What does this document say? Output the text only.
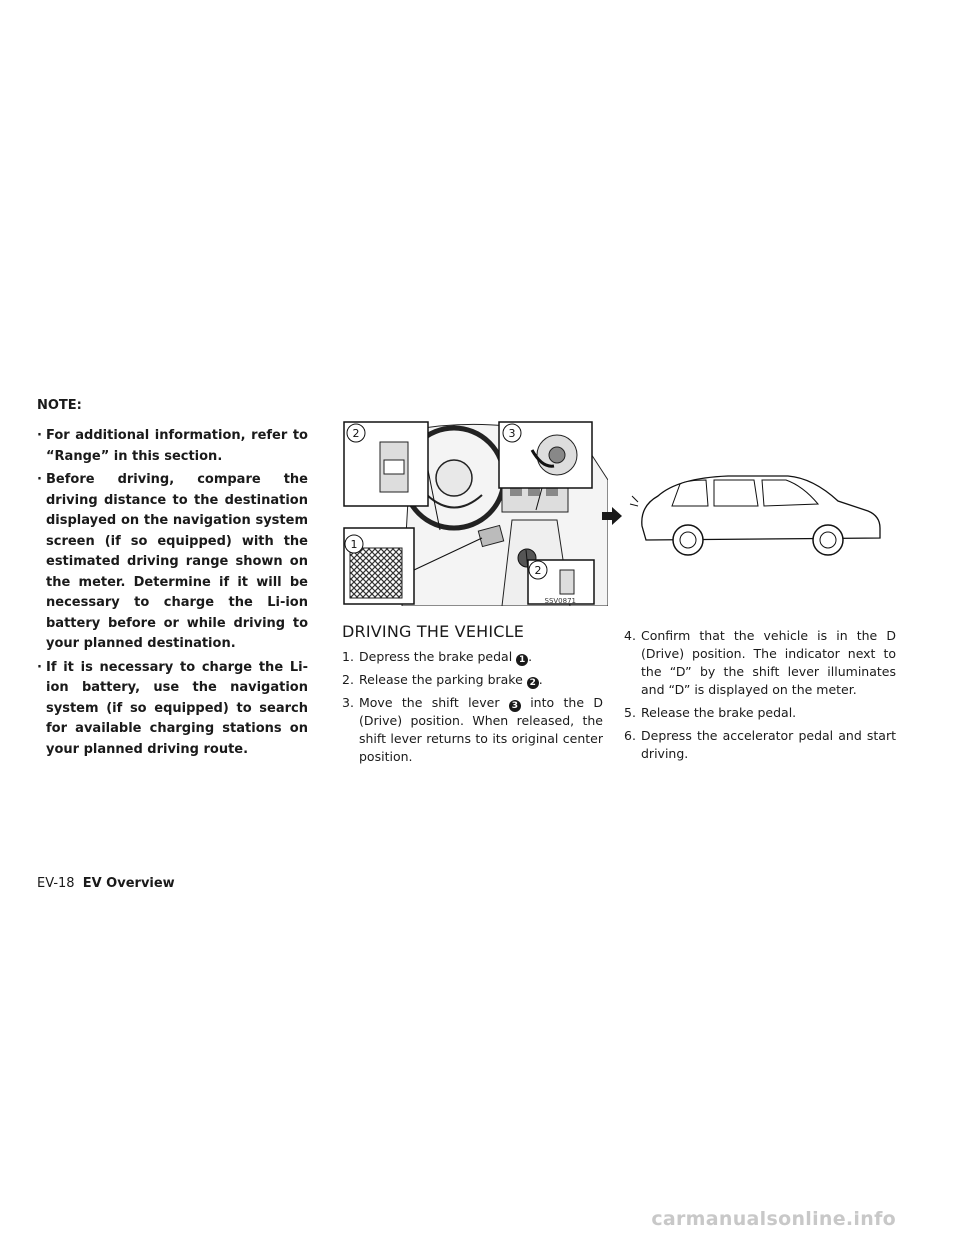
NOTE:

· For additional information, refer to “Range” in this section.
· Before driving, compare the driving distance to the destination displayed on the navigation system screen (if so equipped) with the estimated driving range shown on the meter. Determine if it will be necessary to charge the Li-ion battery before or while driving to your planned destination.
· If it is necessary to charge the Li-ion battery, use the navigation system (if so equipped) to search for available charging stations on your planned driving route.
2	3
1
2
SSV0871
DRIVING THE VEHICLE
1. Depress the brake pedal 1 .
2. Release the parking brake 2 .
3. Move the shift lever 3 into the D (Drive) position. When released, the shift lever returns to its original center position.
4. Confirm that the vehicle is in the D (Drive) position. The indicator next to the “D” by the shift lever illuminates and “D” is displayed on the meter.
5. Release the brake pedal.
6. Depress the accelerator pedal and start driving.
EV-18 EV Overview
carmanualsonline.info
